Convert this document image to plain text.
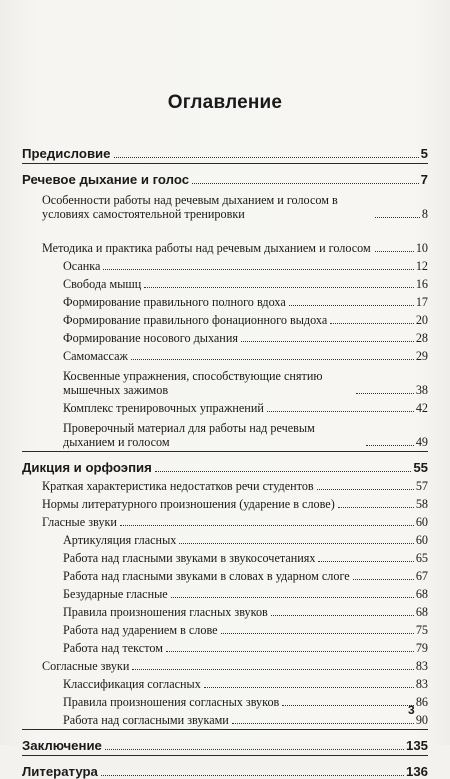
Оглавление
Предисловие	5
Речевое дыхание и голос	7
Особенности работы над речевым дыханием и голосом в условиях самостоятельной тренировки	8
Методика и практика работы над речевым дыханием и голосом	10
Осанка	12
Свобода мышц	16
Формирование правильного полного вдоха	17
Формирование правильного фонационного выдоха	20
Формирование носового дыхания	28
Самомассаж	29
Косвенные упражнения, способствующие снятию мышечных зажимов	38
Комплекс тренировочных упражнений	42
Проверочный материал для работы над речевым дыханием и голосом	49
Дикция и орфоэпия	55
Краткая характеристика недостатков речи студентов	57
Нормы литературного произношения (ударение в слове)	58
Гласные звуки	60
Артикуляция гласных	60
Работа над гласными звуками в звукосочетаниях	65
Работа над гласными звуками в словах в ударном слоге	67
Безударные гласные	68
Правила произношения гласных звуков	68
Работа над ударением в слове	75
Работа над текстом	79
Согласные звуки	83
Классификация согласных	83
Правила произношения согласных звуков	86
Работа над согласными звуками	90
Заключение	135
Литература	136
3
